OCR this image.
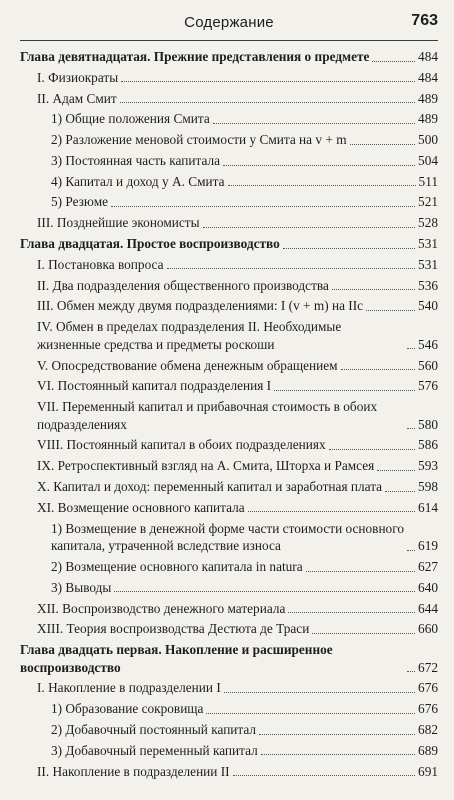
Содержание	763
Глава девятнадцатая. Прежние представления о предмете	484
I. Физиократы	484
II. Адам Смит	489
1) Общие положения Смита	489
2) Разложение меновой стоимости у Смита на v + m	500
3) Постоянная часть капитала	504
4) Капитал и доход у А. Смита	511
5) Резюме	521
III. Позднейшие экономисты	528
Глава двадцатая. Простое воспроизводство	531
I. Постановка вопроса	531
II. Два подразделения общественного производства	536
III. Обмен между двумя подразделениями: I (v + m) на IIc	540
IV. Обмен в пределах подразделения II. Необходимые жизненные средства и предметы роскоши	546
V. Опосредствование обмена денежным обращением	560
VI. Постоянный капитал подразделения I	576
VII. Переменный капитал и прибавочная стоимость в обоих подразделениях	580
VIII. Постоянный капитал в обоих подразделениях	586
IX. Ретроспективный взгляд на А. Смита, Шторха и Рамсея	593
X. Капитал и доход: переменный капитал и заработная плата	598
XI. Возмещение основного капитала	614
1) Возмещение в денежной форме части стоимости основного капитала, утраченной вследствие износа	619
2) Возмещение основного капитала in natura	627
3) Выводы	640
XII. Воспроизводство денежного материала	644
XIII. Теория воспроизводства Дестюта де Траси	660
Глава двадцать первая. Накопление и расширенное воспроизводство	672
I. Накопление в подразделении I	676
1) Образование сокровища	676
2) Добавочный постоянный капитал	682
3) Добавочный переменный капитал	689
II. Накопление в подразделении II	691
